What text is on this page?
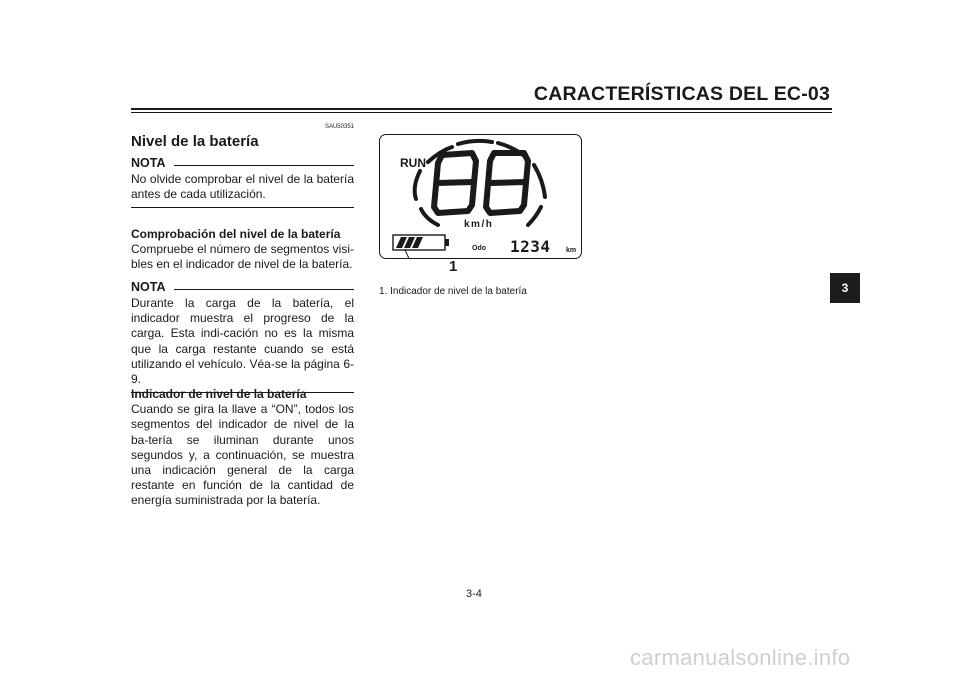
CARACTERÍSTICAS DEL EC-03
SAU50351
Nivel de la batería
NOTA

No olvide comprobar el nivel de la batería antes de cada utilización.

Comprobación del nivel de la batería

Compruebe el número de segmentos visi-bles en el indicador de nivel de la batería.

NOTA

Durante la carga de la batería, el indicador muestra el progreso de la carga. Esta indi-cación no es la misma que la carga restante cuando se está utilizando el vehículo. Véa-se la página 6-9.

Indicador de nivel de la batería

Cuando se gira la llave a “ON”, todos los segmentos del indicador de nivel de la ba-tería se iluminan durante unos segundos y, a continuación, se muestra una indicación general de la carga restante en función de la cantidad de energía suministrada por la batería.

RUN
km/h
Odo 1234 km
1
1. Indicador de nivel de la batería	3
3-4
carmanualsonline.info
